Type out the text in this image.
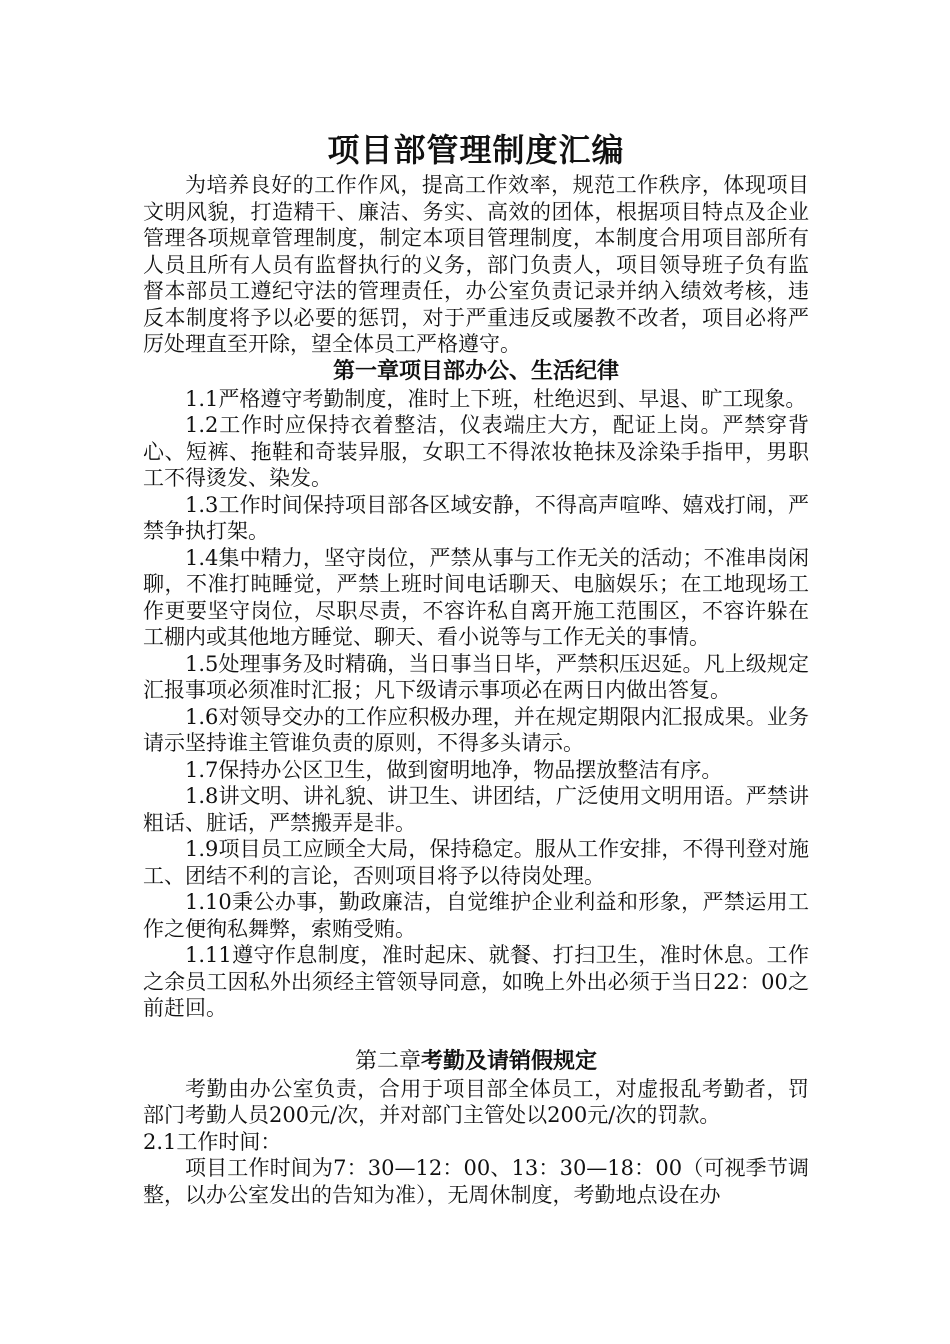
项目部管理制度汇编

为培养良好的工作作风，提高工作效率，规范工作秩序，体现项目文明风貌，打造精干、廉洁、务实、高效的团体，根据项目特点及企业管理各项规章管理制度，制定本项目管理制度，本制度合用项目部所有人员且所有人员有监督执行的义务，部门负责人，项目领导班子负有监督本部员工遵纪守法的管理责任，办公室负责记录并纳入绩效考核，违反本制度将予以必要的惩罚，对于严重违反或屡教不改者，项目必将严厉处理直至开除，望全体员工严格遵守。

第一章项目部办公、生活纪律

1.1严格遵守考勤制度，准时上下班，杜绝迟到、早退、旷工现象。

1.2工作时应保持衣着整洁，仪表端庄大方，配证上岗。严禁穿背心、短裤、拖鞋和奇装异服，女职工不得浓妆艳抹及涂染手指甲，男职工不得烫发、染发。

1.3工作时间保持项目部各区域安静，不得高声喧哗、嬉戏打闹，严禁争执打架。

1.4集中精力，坚守岗位，严禁从事与工作无关的活动；不准串岗闲聊，不准打盹睡觉，严禁上班时间电话聊天、电脑娱乐；在工地现场工作更要坚守岗位，尽职尽责，不容许私自离开施工范围区，不容许躲在工棚内或其他地方睡觉、聊天、看小说等与工作无关的事情。

1.5处理事务及时精确，当日事当日毕，严禁积压迟延。凡上级规定汇报事项必须准时汇报；凡下级请示事项必在两日内做出答复。

1.6对领导交办的工作应积极办理，并在规定期限内汇报成果。业务请示坚持谁主管谁负责的原则，不得多头请示。

1.7保持办公区卫生，做到窗明地净，物品摆放整洁有序。

1.8讲文明、讲礼貌、讲卫生、讲团结，广泛使用文明用语。严禁讲粗话、脏话，严禁搬弄是非。

1.9项目员工应顾全大局，保持稳定。服从工作安排，不得刊登对施工、团结不利的言论，否则项目将予以待岗处理。

1.10秉公办事，勤政廉洁，自觉维护企业利益和形象，严禁运用工作之便徇私舞弊，索贿受贿。

1.11遵守作息制度，准时起床、就餐、打扫卫生，准时休息。工作之余员工因私外出须经主管领导同意，如晚上外出必须于当日22：00之前赶回。

第二章考勤及请销假规定

考勤由办公室负责，合用于项目部全体员工，对虚报乱考勤者，罚部门考勤人员200元/次，并对部门主管处以200元/次的罚款。

2.1工作时间：

项目工作时间为7：30—12：00、13：30—18：00（可视季节调整，以办公室发出的告知为准），无周休制度，考勤地点设在办
